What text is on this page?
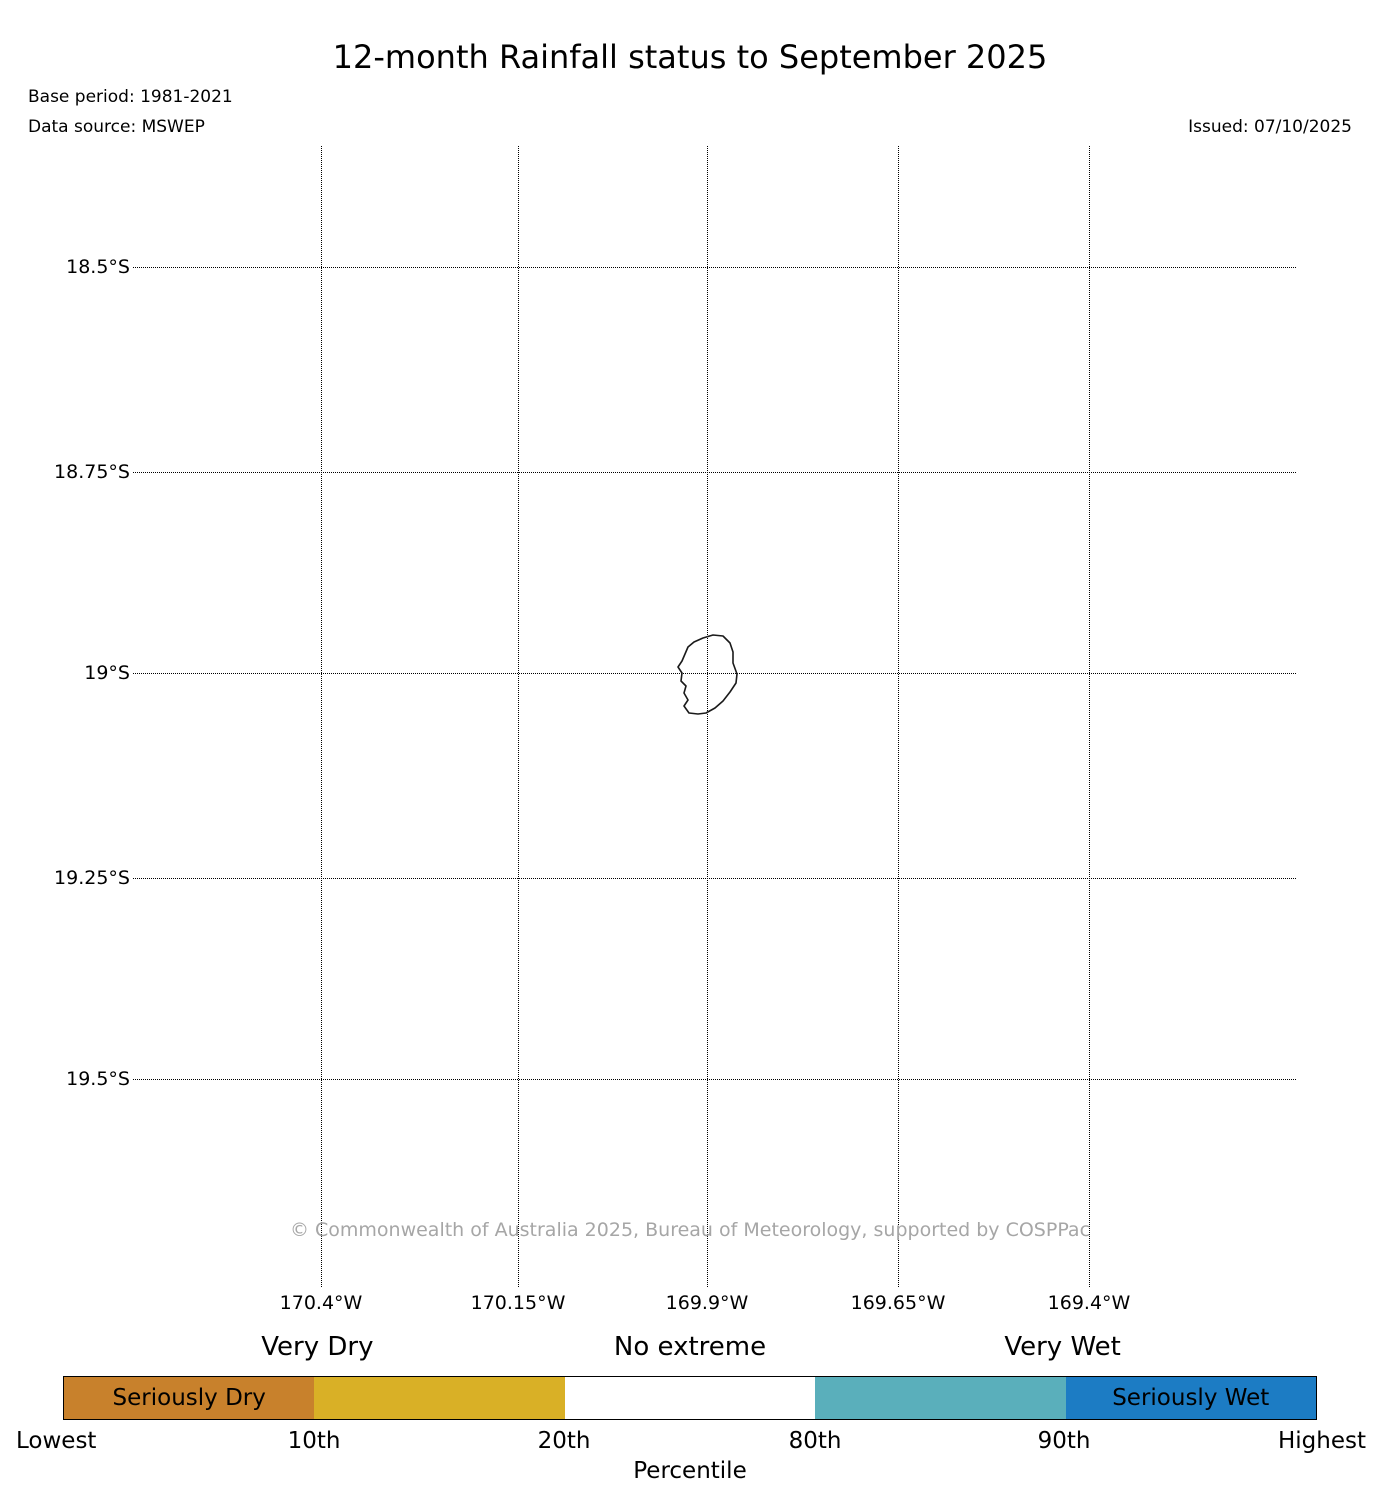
12-month Rainfall status to September 2025
Base period: 1981-2021
Data source: MSWEP	Issued: 07/10/2025
18.5°S
18.75°S
19°S
19.25°S
19.5°S
170.4°W	170.15°W	169.9°W	169.65°W	169.4°W
© Commonwealth of Australia 2025, Bureau of Meteorology, supported by COSPPac
Very Dry	No extreme	Very Wet
Seriously Dry	Seriously Wet
Lowest	10th	20th	80th	90th	Highest
Percentile
